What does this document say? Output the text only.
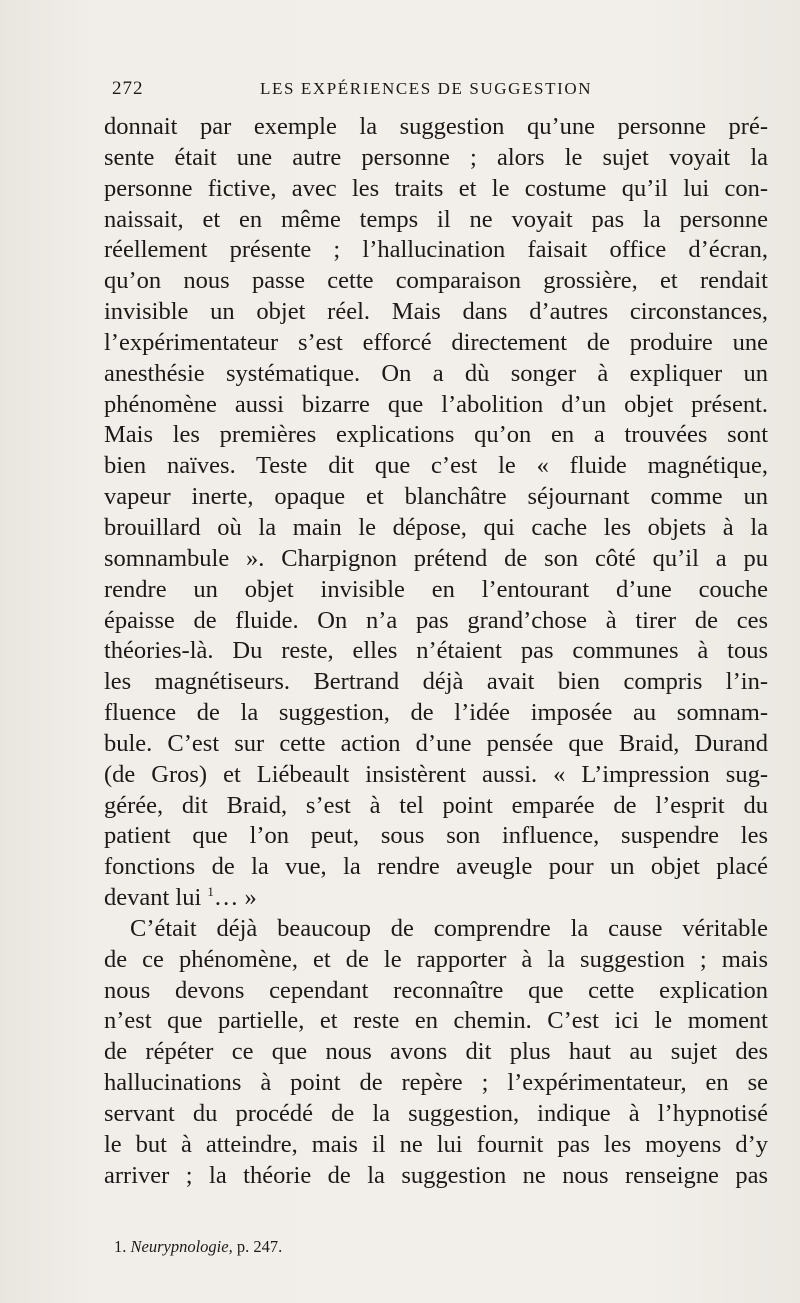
272	LES EXPÉRIENCES DE SUGGESTION
donnait par exemple la suggestion qu’une personne pré-
sente était une autre personne ; alors le sujet voyait la
personne fictive, avec les traits et le costume qu’il lui con-
naissait, et en même temps il ne voyait pas la personne
réellement présente ; l’hallucination faisait office d’écran,
qu’on nous passe cette comparaison grossière, et rendait
invisible un objet réel. Mais dans d’autres circonstances,
l’expérimentateur s’est efforcé directement de produire une
anesthésie systématique. On a dù songer à expliquer un
phénomène aussi bizarre que l’abolition d’un objet présent.
Mais les premières explications qu’on en a trouvées sont
bien naïves. Teste dit que c’est le « fluide magnétique,
vapeur inerte, opaque et blanchâtre séjournant comme un
brouillard où la main le dépose, qui cache les objets à la
somnambule ». Charpignon prétend de son côté qu’il a pu
rendre un objet invisible en l’entourant d’une couche
épaisse de fluide. On n’a pas grand’chose à tirer de ces
théories-là. Du reste, elles n’étaient pas communes à tous
les magnétiseurs. Bertrand déjà avait bien compris l’in-
fluence de la suggestion, de l’idée imposée au somnam-
bule. C’est sur cette action d’une pensée que Braid, Durand
(de Gros) et Liébeault insistèrent aussi. « L’impression sug-
gérée, dit Braid, s’est à tel point emparée de l’esprit du
patient que l’on peut, sous son influence, suspendre les
fonctions de la vue, la rendre aveugle pour un objet placé
devant lui $^1$… »
C’était déjà beaucoup de comprendre la cause véritable
de ce phénomène, et de le rapporter à la suggestion ; mais
nous devons cependant reconnaître que cette explication
n’est que partielle, et reste en chemin. C’est ici le moment
de répéter ce que nous avons dit plus haut au sujet des
hallucinations à point de repère ; l’expérimentateur, en se
servant du procédé de la suggestion, indique à l’hypnotisé
le but à atteindre, mais il ne lui fournit pas les moyens d’y
arriver ; la théorie de la suggestion ne nous renseigne pas
1. Neurypnologie, p. 247.
